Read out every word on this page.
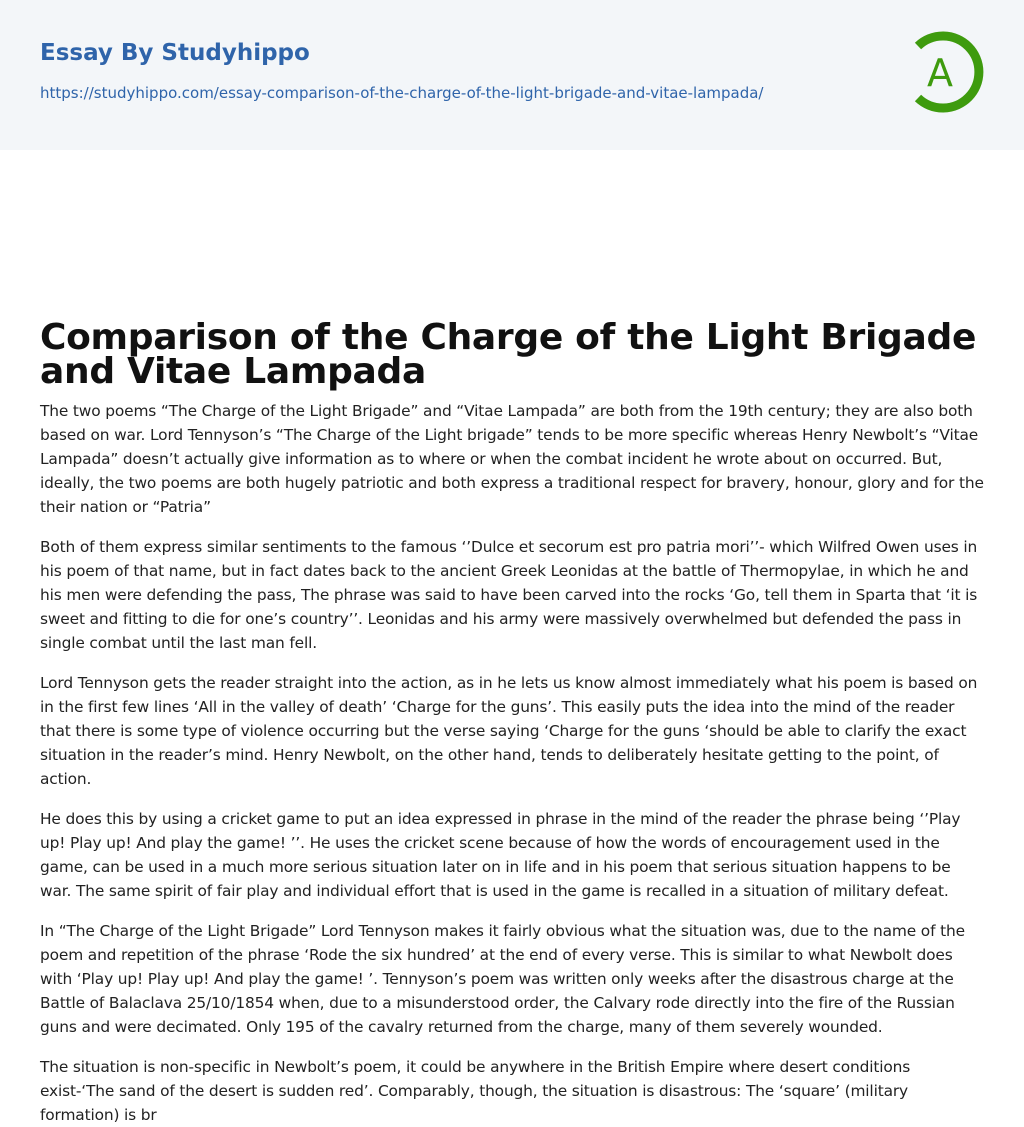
Essay By Studyhippo
https://studyhippo.com/essay-comparison-of-the-charge-of-the-light-brigade-and-vitae-lampada/	A
Comparison of the Charge of the Light Brigade and Vitae Lampada

The two poems “The Charge of the Light Brigade” and “Vitae Lampada” are both from the 19th century; they are also both based on war. Lord Tennyson’s “The Charge of the Light brigade” tends to be more specific whereas Henry Newbolt’s “Vitae Lampada” doesn’t actually give information as to where or when the combat incident he wrote about on occurred. But, ideally, the two poems are both hugely patriotic and both express a traditional respect for bravery, honour, glory and for the their nation or “Patria”

Both of them express similar sentiments to the famous ‘’Dulce et secorum est pro patria mori’’- which Wilfred Owen uses in his poem of that name, but in fact dates back to the ancient Greek Leonidas at the battle of Thermopylae, in which he and his men were defending the pass, The phrase was said to have been carved into the rocks ‘Go, tell them in Sparta that ‘it is sweet and fitting to die for one’s country’’. Leonidas and his army were massively overwhelmed but defended the pass in single combat until the last man fell.

Lord Tennyson gets the reader straight into the action, as in he lets us know almost immediately what his poem is based on in the first few lines ‘All in the valley of death’ ‘Charge for the guns’. This easily puts the idea into the mind of the reader that there is some type of violence occurring but the verse saying ‘Charge for the guns ‘should be able to clarify the exact situation in the reader’s mind. Henry Newbolt, on the other hand, tends to deliberately hesitate getting to the point, of action.

He does this by using a cricket game to put an idea expressed in phrase in the mind of the reader the phrase being ‘’Play up! Play up! And play the game! ’’. He uses the cricket scene because of how the words of encouragement used in the game, can be used in a much more serious situation later on in life and in his poem that serious situation happens to be war. The same spirit of fair play and individual effort that is used in the game is recalled in a situation of military defeat.

In “The Charge of the Light Brigade” Lord Tennyson makes it fairly obvious what the situation was, due to the name of the poem and repetition of the phrase ‘Rode the six hundred’ at the end of every verse. This is similar to what Newbolt does with ‘Play up! Play up! And play the game! ’. Tennyson’s poem was written only weeks after the disastrous charge at the Battle of Balaclava 25/10/1854 when, due to a misunderstood order, the Calvary rode directly into the fire of the Russian guns and were decimated. Only 195 of the cavalry returned from the charge, many of them severely wounded.

The situation is non-specific in Newbolt’s poem, it could be anywhere in the British Empire where desert conditions exist-‘The sand of the desert is sudden red’. Comparably, though, the situation is disastrous: The ‘square’ (military formation) is br
